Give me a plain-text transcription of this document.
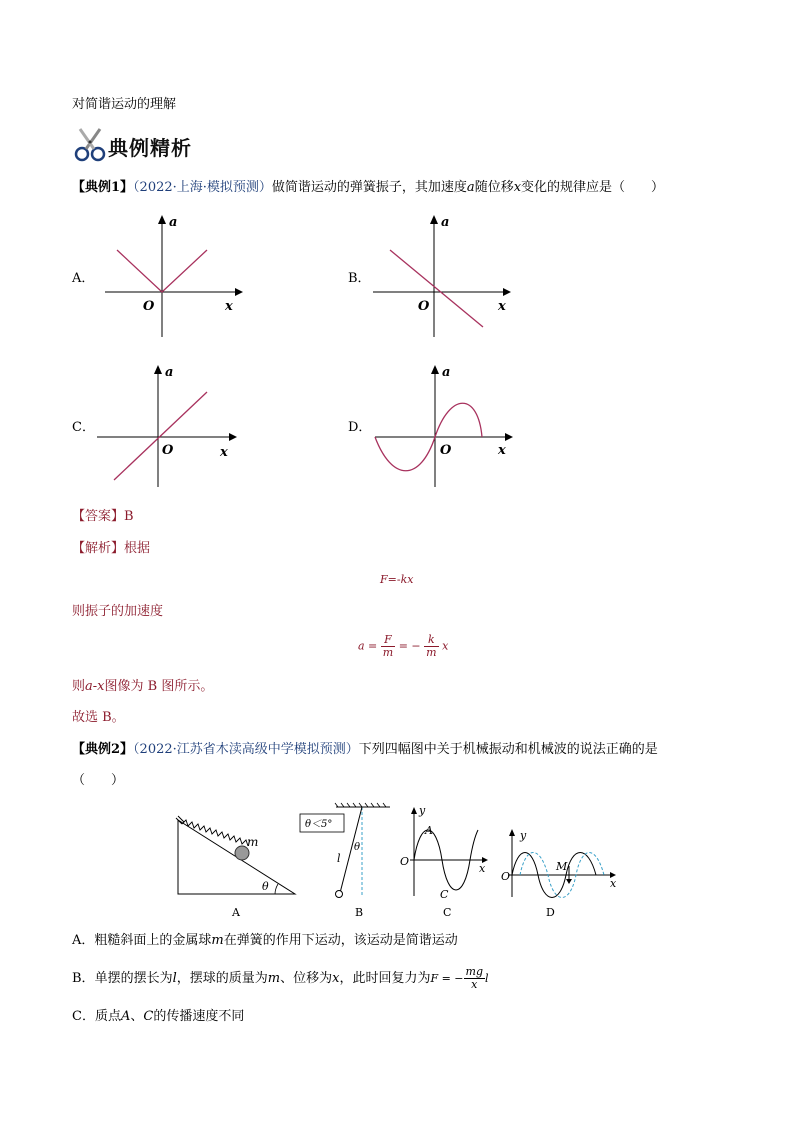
对简谐运动的理解
典例精析
【典例1】（2022·上海·模拟预测）做简谐运动的弹簧振子，其加速度a随位移x变化的规律应是（　　）
A．
a
x
O
B．
a
x
O
C．
a
x
O
D．
a
x
O
【答案】B
【解析】根据
F=-kx
则振子的加速度
$a = \frac{F}{m}$ = − $\frac{k}{m}$ x
则a-x图像为 B 图所示。
故选 B。
【典例2】（2022·江苏省木渎高级中学模拟预测）下列四幅图中关于机械振动和机械波的说法正确的是
（　　）
m
θ
A
θ＜5°
θ
l
B
y
A
O
x
C
C
y
M
O
x
D
A．粗糙斜面上的金属球m在弹簧的作用下运动，该运动是简谐运动
B．单摆的摆长为l，摆球的质量为m、位移为x，此时回复力为F = − $\frac{mg}{x}$ l
C．质点A、C的传播速度不同
